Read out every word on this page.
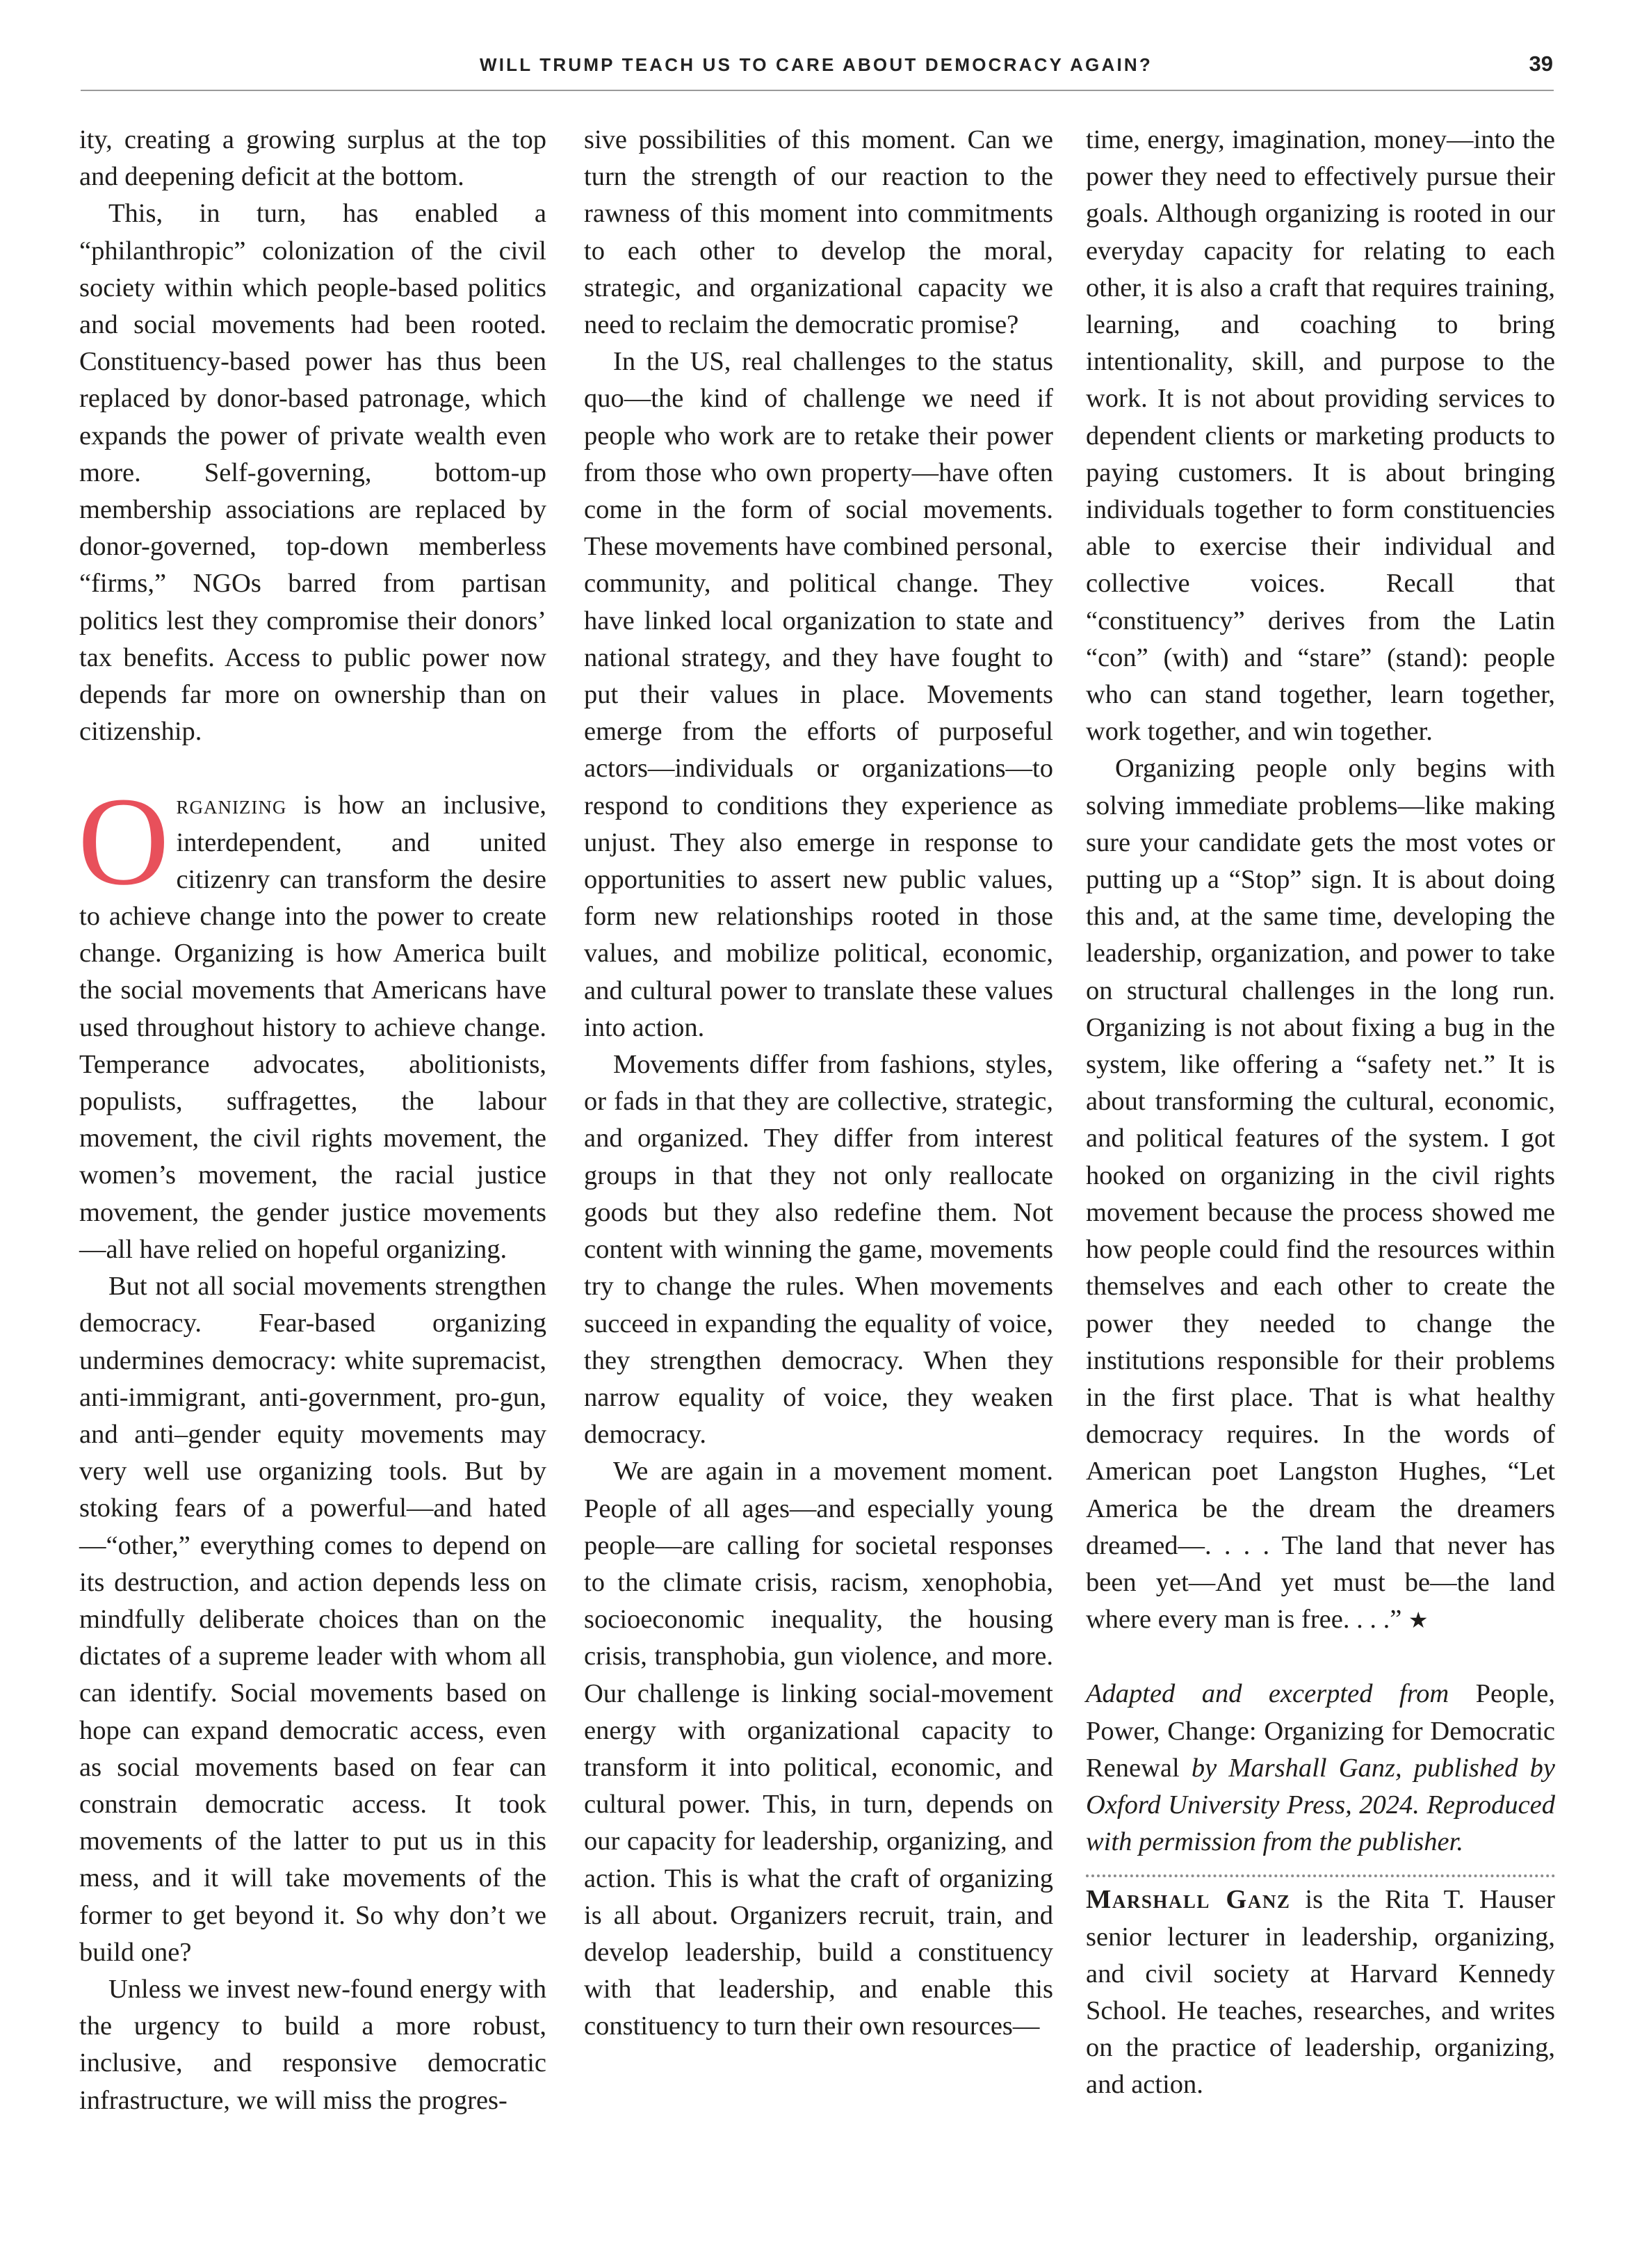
WILL TRUMP TEACH US TO CARE ABOUT DEMOCRACY AGAIN?	39

ity, creating a growing surplus at the top and deepening deficit at the bottom.

This, in turn, has enabled a “philanthropic” colonization of the civil society within which people-based politics and social movements had been rooted. Constituency-based power has thus been replaced by donor-based patronage, which expands the power of private wealth even more. Self-governing, bottom-up membership associations are replaced by donor-governed, top-down memberless “firms,” NGOs barred from partisan politics lest they compromise their donors’ tax benefits. Access to public power now depends far more on ownership than on citizenship.

Organizing is how an inclusive, interdependent, and united citizenry can transform the desire to achieve change into the power to create change. Organizing is how America built the social movements that Americans have used throughout history to achieve change. Temperance advocates, abolitionists, populists, suffragettes, the labour movement, the civil rights movement, the women’s movement, the racial justice movement, the gender justice movements—all have relied on hopeful organizing.

But not all social movements strengthen democracy. Fear-based organizing undermines democracy: white supremacist, anti-immigrant, anti-government, pro-gun, and anti–gender equity movements may very well use organizing tools. But by stoking fears of a powerful—and hated—“other,” everything comes to depend on its destruction, and action depends less on mindfully deliberate choices than on the dictates of a supreme leader with whom all can identify. Social movements based on hope can expand democratic access, even as social movements based on fear can constrain democratic access. It took movements of the latter to put us in this mess, and it will take movements of the former to get beyond it. So why don’t we build one?

Unless we invest new-found energy with the urgency to build a more robust, inclusive, and responsive democratic infrastructure, we will miss the progres-

sive possibilities of this moment. Can we turn the strength of our reaction to the rawness of this moment into commitments to each other to develop the moral, strategic, and organizational capacity we need to reclaim the democratic promise?

In the US, real challenges to the status quo—the kind of challenge we need if people who work are to retake their power from those who own property—have often come in the form of social movements. These movements have combined personal, community, and political change. They have linked local organization to state and national strategy, and they have fought to put their values in place. Movements emerge from the efforts of purposeful actors—individuals or organizations—to respond to conditions they experience as unjust. They also emerge in response to opportunities to assert new public values, form new relationships rooted in those values, and mobilize political, economic, and cultural power to translate these values into action.

Movements differ from fashions, styles, or fads in that they are collective, strategic, and organized. They differ from interest groups in that they not only reallocate goods but they also redefine them. Not content with winning the game, movements try to change the rules. When movements succeed in expanding the equality of voice, they strengthen democracy. When they narrow equality of voice, they weaken democracy.

We are again in a movement moment. People of all ages—and especially young people—are calling for societal responses to the climate crisis, racism, xenophobia, socioeconomic inequality, the housing crisis, transphobia, gun violence, and more. Our challenge is linking social-movement energy with organizational capacity to transform it into political, economic, and cultural power. This, in turn, depends on our capacity for leadership, organizing, and action. This is what the craft of organizing is all about. Organizers recruit, train, and develop leadership, build a constituency with that leadership, and enable this constituency to turn their own resources—

time, energy, imagination, money—into the power they need to effectively pursue their goals. Although organizing is rooted in our everyday capacity for relating to each other, it is also a craft that requires training, learning, and coaching to bring intentionality, skill, and purpose to the work. It is not about providing services to dependent clients or marketing products to paying customers. It is about bringing individuals together to form constituencies able to exercise their individual and collective voices. Recall that “constituency” derives from the Latin “con” (with) and “stare” (stand): people who can stand together, learn together, work together, and win together.

Organizing people only begins with solving immediate problems—like making sure your candidate gets the most votes or putting up a “Stop” sign. It is about doing this and, at the same time, developing the leadership, organization, and power to take on structural challenges in the long run. Organizing is not about fixing a bug in the system, like offering a “safety net.” It is about transforming the cultural, economic, and political features of the system. I got hooked on organizing in the civil rights movement because the process showed me how people could find the resources within themselves and each other to create the power they needed to change the institutions responsible for their problems in the first place. That is what healthy democracy requires. In the words of American poet Langston Hughes, “Let America be the dream the dreamers dreamed—. . . . The land that never has been yet—And yet must be—the land where every man is free. . . .” ★

Adapted and excerpted from People, Power, Change: Organizing for Democratic Renewal by Marshall Ganz, published by Oxford University Press, 2024. Reproduced with permission from the publisher.

Marshall Ganz is the Rita T. Hauser senior lecturer in leadership, organizing, and civil society at Harvard Kennedy School. He teaches, researches, and writes on the practice of leadership, organizing, and action.
